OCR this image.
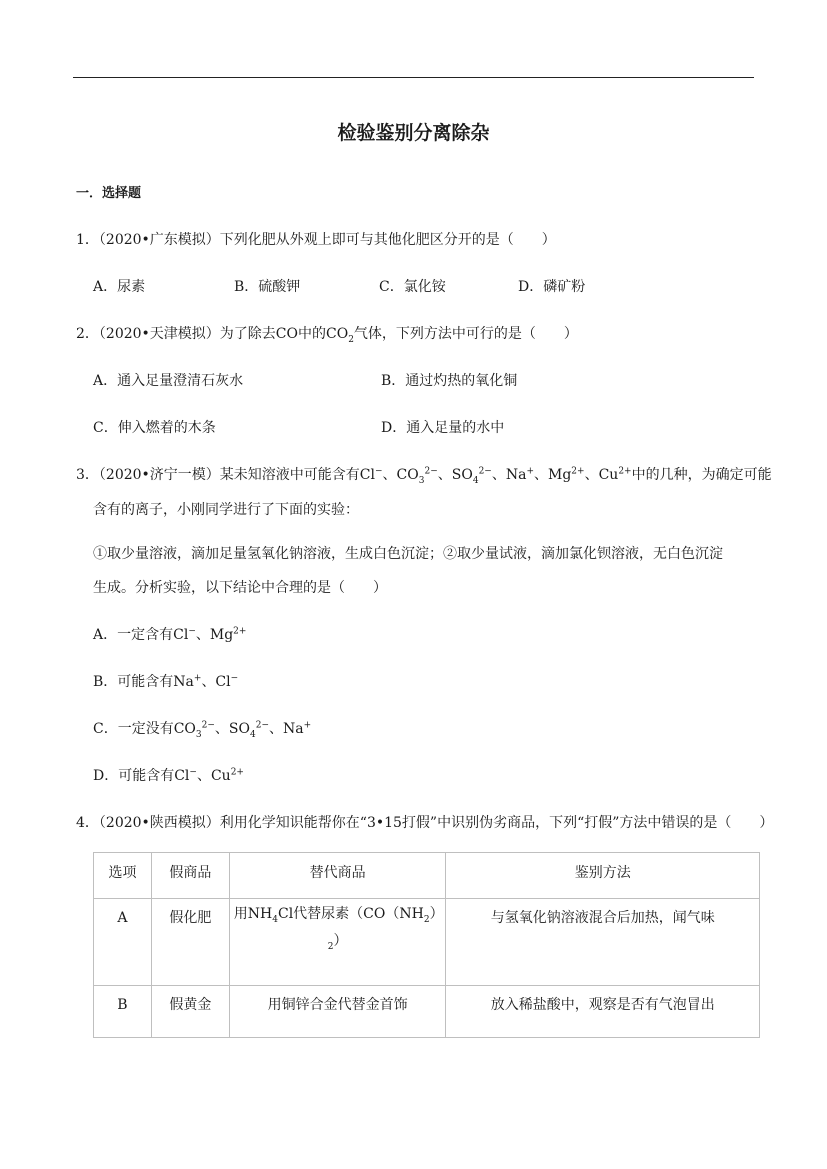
检验鉴别分离除杂
一．选择题
1．（2020•广东模拟）下列化肥从外观上即可与其他化肥区分开的是（　　）
A．尿素	B．硫酸钾	C．氯化铵	D．磷矿粉
2．（2020•天津模拟）为了除去CO中的$CO_2$气体，下列方法中可行的是（　　）
A．通入足量澄清石灰水	B．通过灼热的氧化铜
C．伸入燃着的木条	D．通入足量的水中
3．（2020•济宁一模）某未知溶液中可能含有Cl−、$CO_3^{2-}$、$SO_4^{2-}$、Na+、$Mg^{2+}$、$Cu^{2+}$中的几种，为确定可能
含有的离子，小刚同学进行了下面的实验：
①取少量溶液，滴加足量氢氧化钠溶液，生成白色沉淀；②取少量试液，滴加氯化钡溶液，无白色沉淀
生成。分析实验，以下结论中合理的是（　　）
A．一定含有Cl−、$Mg^{2+}$
B．可能含有Na+、Cl−
C．一定没有$CO_3^{2-}$、$SO_4^{2-}$、Na+
D．可能含有Cl−、$Cu^{2+}$
4．（2020•陕西模拟）利用化学知识能帮你在“3•15打假”中识别伪劣商品，下列“打假”方法中错误的是（　　）
选项	假商品	替代商品	鉴别方法
A	假化肥	用$NH_4Cl$代替尿素（$CO(NH_2)$
$_2$）	与氢氧化钠溶液混合后加热，闻气味
B	假黄金	用铜锌合金代替金首饰	放入稀盐酸中，观察是否有气泡冒出
